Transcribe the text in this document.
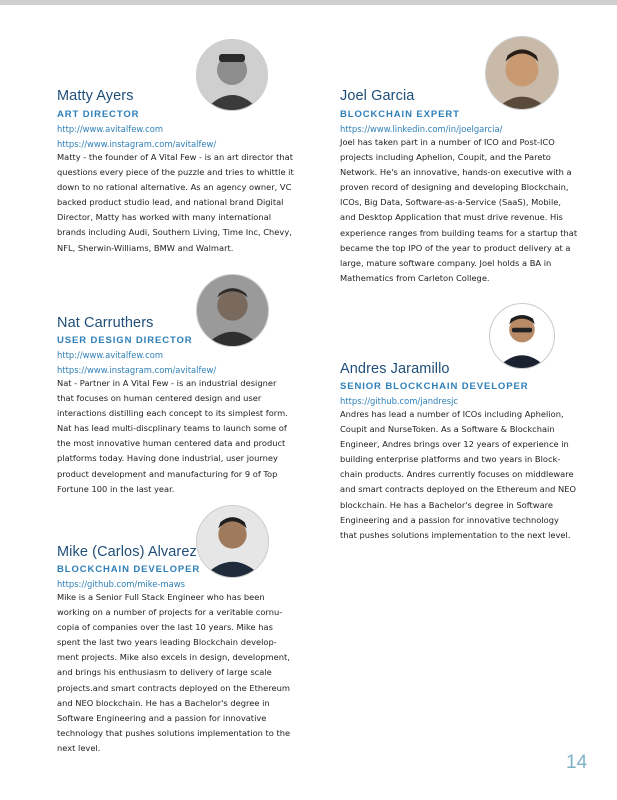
Matty Ayers
ART DIRECTOR
http://www.avitalfew.com
https://www.instagram.com/avitalfew/

Matty - the founder of A Vital Few - is an art director that questions every piece of the puzzle and tries to whittle it down to no rational alternative. As an agency owner, VC backed product studio lead, and national brand Digital Director, Matty has worked with many international brands including Audi, Southern Living, Time Inc, Chevy, NFL, Sherwin-Williams, BMW and Walmart.

Nat Carruthers
USER DESIGN DIRECTOR
http://www.avitalfew.com
https://www.instagram.com/avitalfew/

Nat - Partner in A Vital Few - is an industrial designer that focuses on human centered design and user interactions distilling each concept to its simplest form. Nat has lead multi-discplinary teams to launch some of the most innovative human centered data and product platforms today. Having done industrial, user journey product development and manufacturing for 9 of Top Fortune 100 in the last year.

Mike (Carlos) Alvarez
BLOCKCHAIN DEVELOPER
https://github.com/mike-maws

Mike is a Senior Full Stack Engineer who has been working on a number of projects for a veritable cornu-copia of companies over the last 10 years. Mike has spent the last two years leading Blockchain develop-ment projects. Mike also excels in design, development, and brings his enthusiasm to delivery of large scale projects.and smart contracts deployed on the Ethereum and NEO blockchain. He has a Bachelor's degree in Software Engineering and a passion for innovative technology that pushes solutions implementation to the next level.

Joel Garcia
BLOCKCHAIN EXPERT
https://www.linkedin.com/in/joelgarcia/

Joel has taken part in a number of ICO and Post-ICO projects including Aphelion, Coupit, and the Pareto Network. He's an innovative, hands-on executive with a proven record of designing and developing Blockchain, ICOs, Big Data, Software-as-a-Service (SaaS), Mobile, and Desktop Application that must drive revenue. His experience ranges from building teams for a startup that became the top IPO of the year to product delivery at a large, mature software company. Joel holds a BA in Mathematics from Carleton College.

Andres Jaramillo
SENIOR BLOCKCHAIN DEVELOPER
https://github.com/jandresjc

Andres has lead a number of ICOs including Aphelion, Coupit and NurseToken. As a Software & Blockchain Engineer, Andres brings over 12 years of experience in building enterprise platforms and two years in Block-chain products. Andres currently focuses on middleware and smart contracts deployed on the Ethereum and NEO blockchain. He has a Bachelor's degree in Software Engineering and a passion for innovative technology that pushes solutions implementation to the next level.

14
